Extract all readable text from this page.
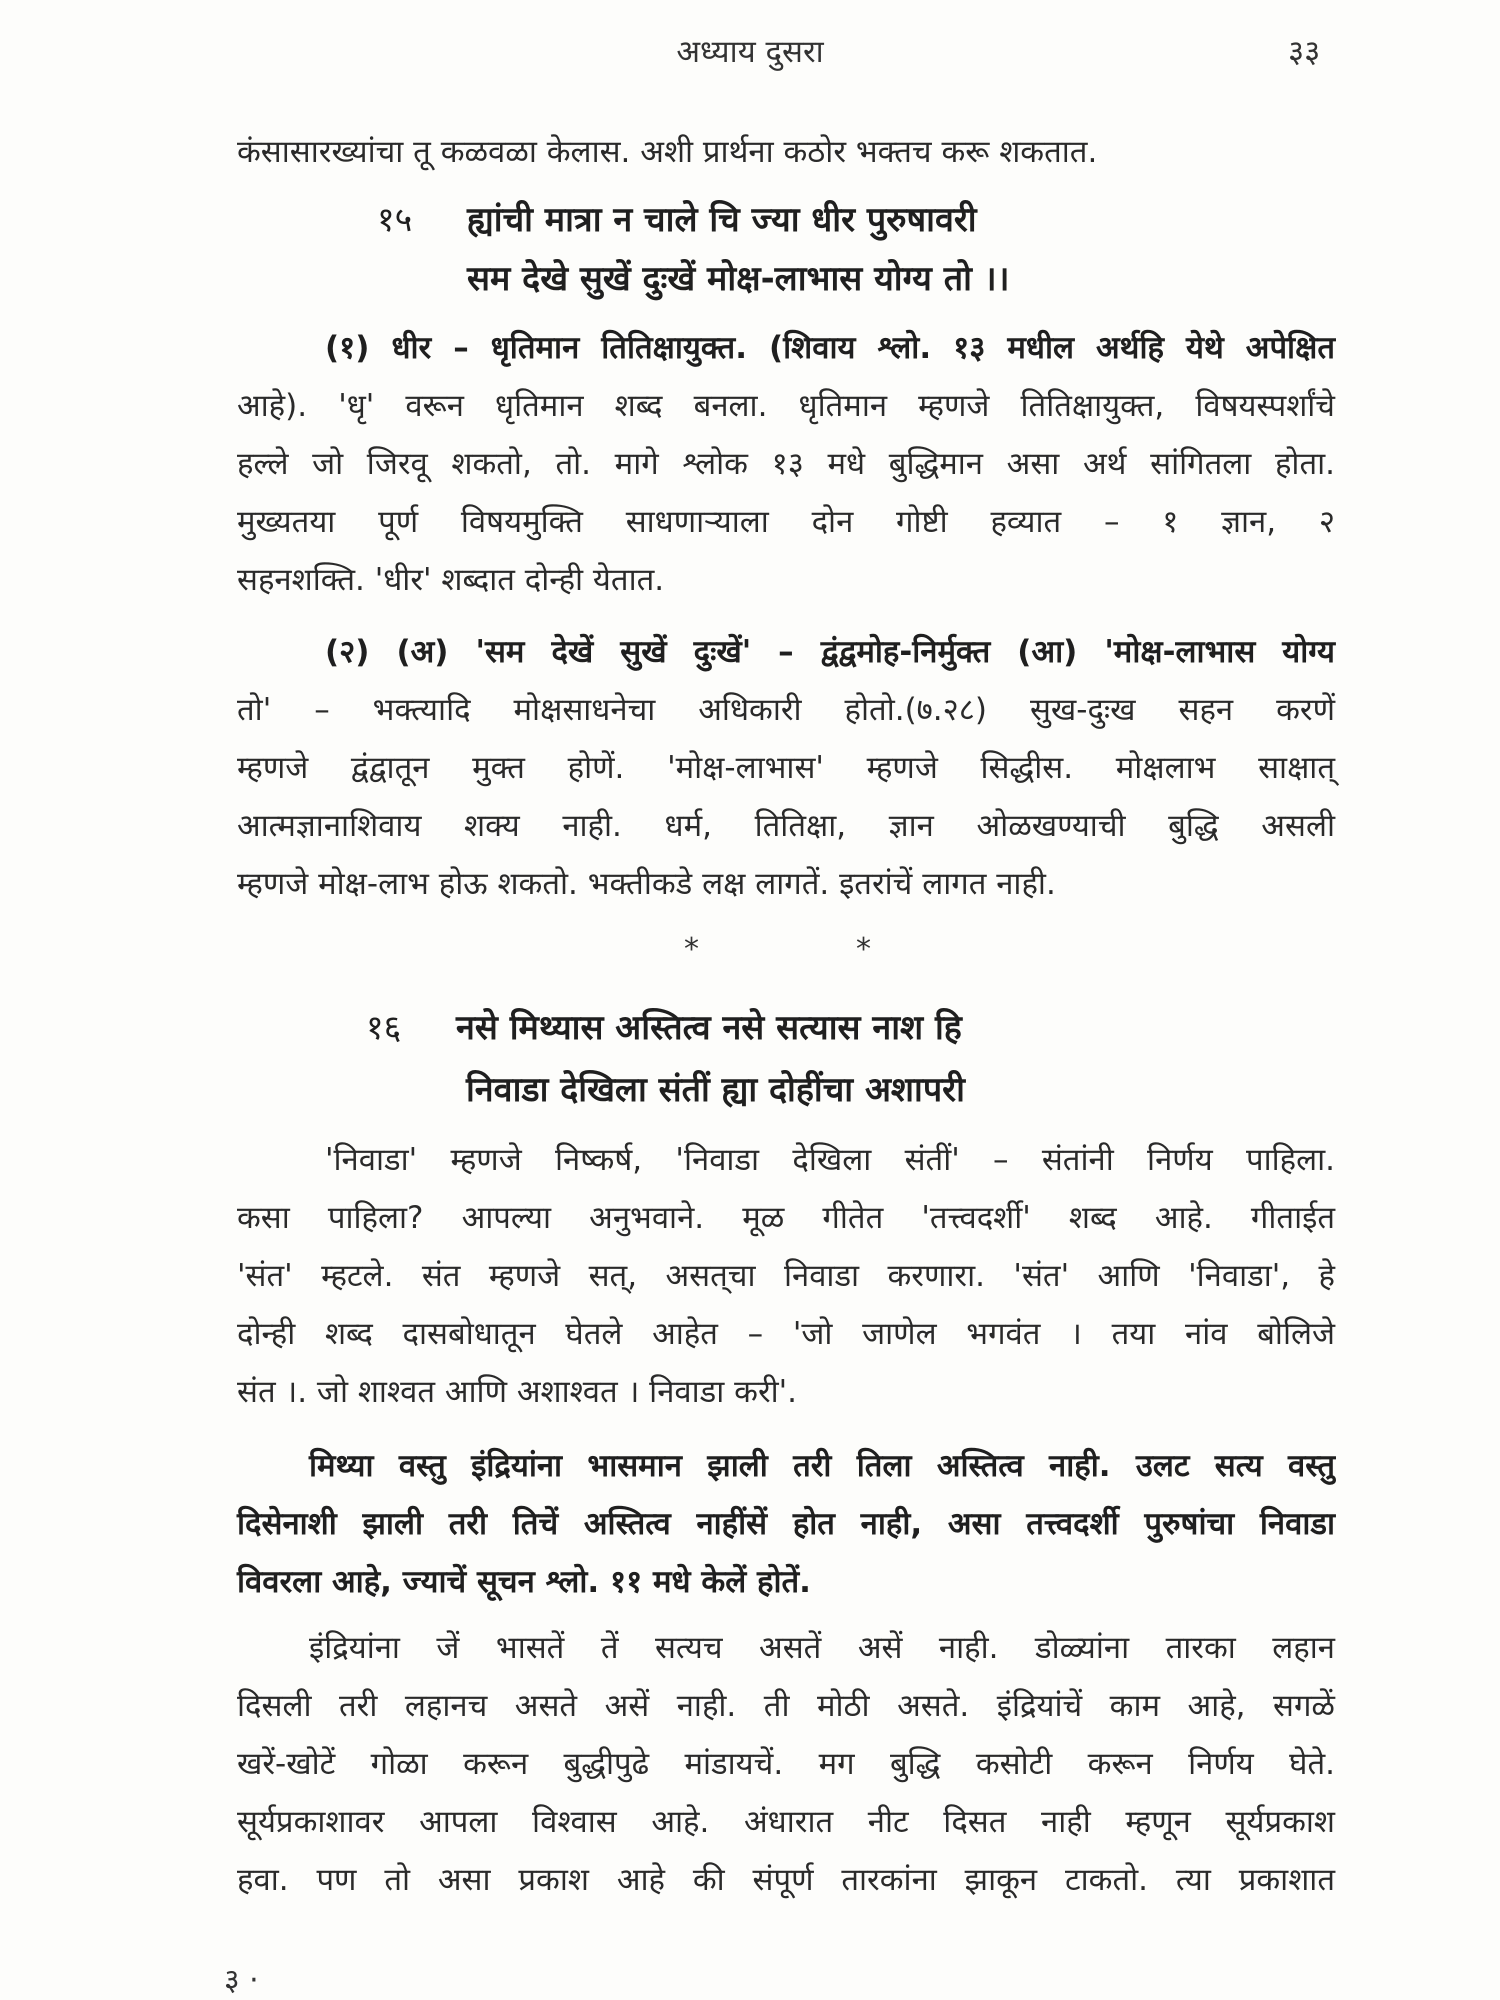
अध्याय दुसरा	३३
कंसासारख्यांचा तू कळवळा केलास. अशी प्रार्थना कठोर भक्तच करू शकतात.
१५ ह्यांची मात्रा न चाले चि ज्या धीर पुरुषावरी
सम देखे सुखें दुःखें मोक्ष-लाभास योग्य तो ।।
(१) धीर – धृतिमान तितिक्षायुक्त. (शिवाय श्लो. १३ मधील अर्थहि येथे अपेक्षित
आहे). 'धृ' वरून धृतिमान शब्द बनला. धृतिमान म्हणजे तितिक्षायुक्त, विषयस्पर्शांचे
हल्ले जो जिरवू शकतो, तो. मागे श्लोक १३ मधे बुद्धिमान असा अर्थ सांगितला होता.
मुख्यतया पूर्ण विषयमुक्ति साधणाऱ्याला दोन गोष्टी हव्यात – १ ज्ञान, २
सहनशक्ति. 'धीर' शब्दात दोन्ही येतात.
(२) (अ) 'सम देखें सुखें दुःखें' – द्वंद्वमोह-निर्मुक्त (आ) 'मोक्ष-लाभास योग्य
तो' – भक्त्यादि मोक्षसाधनेचा अधिकारी होतो.(७.२८) सुख-दुःख सहन करणें
म्हणजे द्वंद्वातून मुक्त होणें. 'मोक्ष-लाभास' म्हणजे सिद्धीस. मोक्षलाभ साक्षात्
आत्मज्ञानाशिवाय शक्य नाही. धर्म, तितिक्षा, ज्ञान ओळखण्याची बुद्धि असली
म्हणजे मोक्ष-लाभ होऊ शकतो. भक्तीकडे लक्ष लागतें. इतरांचें लागत नाही.
*	*
१६ नसे मिथ्यास अस्तित्व नसे सत्यास नाश हि
निवाडा देखिला संतीं ह्या दोहींचा अशापरी
'निवाडा' म्हणजे निष्कर्ष, 'निवाडा देखिला संतीं' – संतांनी निर्णय पाहिला.
कसा पाहिला? आपल्या अनुभवाने. मूळ गीतेत 'तत्त्वदर्शी' शब्द आहे. गीताईत
'संत' म्हटले. संत म्हणजे सत्, असत्‌चा निवाडा करणारा. 'संत' आणि 'निवाडा', हे
दोन्ही शब्द दासबोधातून घेतले आहेत – 'जो जाणेल भगवंत । तया नांव बोलिजे
संत ।. जो शाश्वत आणि अशाश्वत । निवाडा करी'.
मिथ्या वस्तु इंद्रियांना भासमान झाली तरी तिला अस्तित्व नाही. उलट सत्य वस्तु
दिसेनाशी झाली तरी तिचें अस्तित्व नाहींसें होत नाही, असा तत्त्वदर्शी पुरुषांचा निवाडा
विवरला आहे, ज्याचें सूचन श्लो. ११ मधे केलें होतें.
इंद्रियांना जें भासतें तें सत्यच असतें असें नाही. डोळ्यांना तारका लहान
दिसली तरी लहानच असते असें नाही. ती मोठी असते. इंद्रियांचें काम आहे, सगळें
खरें-खोटें गोळा करून बुद्धीपुढे मांडायचें. मग बुद्धि कसोटी करून निर्णय घेते.
सूर्यप्रकाशावर आपला विश्वास आहे. अंधारात नीट दिसत नाही म्हणून सूर्यप्रकाश
हवा. पण तो असा प्रकाश आहे की संपूर्ण तारकांना झाकून टाकतो. त्या प्रकाशात
३ ·
